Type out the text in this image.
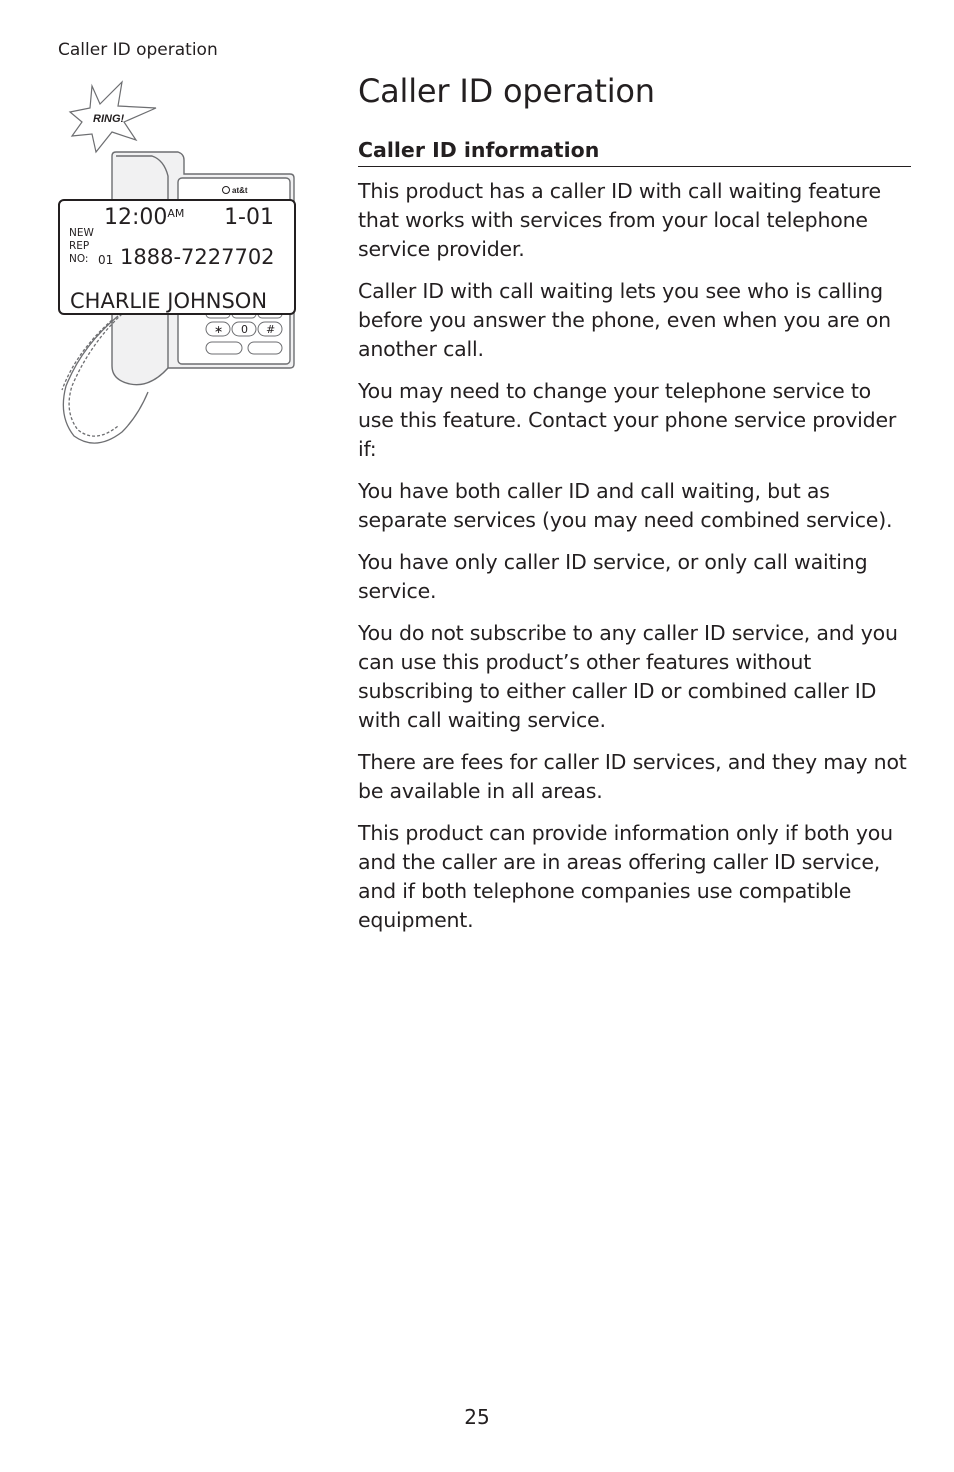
Caller ID operation
RING!
at&t
∗ 0 #
$12:00^{AM}$ 1-01
NEW
REP
NO: 01 1888-7227702
CHARLIE JOHNSON
Caller ID operation
Caller ID information

This product has a caller ID with call waiting feature that works with services from your local telephone service provider.

Caller ID with call waiting lets you see who is calling before you answer the phone, even when you are on another call.

You may need to change your telephone service to use this feature. Contact your phone service provider if:

You have both caller ID and call waiting, but as separate services (you may need combined service).

You have only caller ID service, or only call waiting service.

You do not subscribe to any caller ID service, and you can use this product’s other features without subscribing to either caller ID or combined caller ID with call waiting service.

There are fees for caller ID services, and they may not be available in all areas.

This product can provide information only if both you and the caller are in areas offering caller ID service, and if both telephone companies use compatible equipment.

25
